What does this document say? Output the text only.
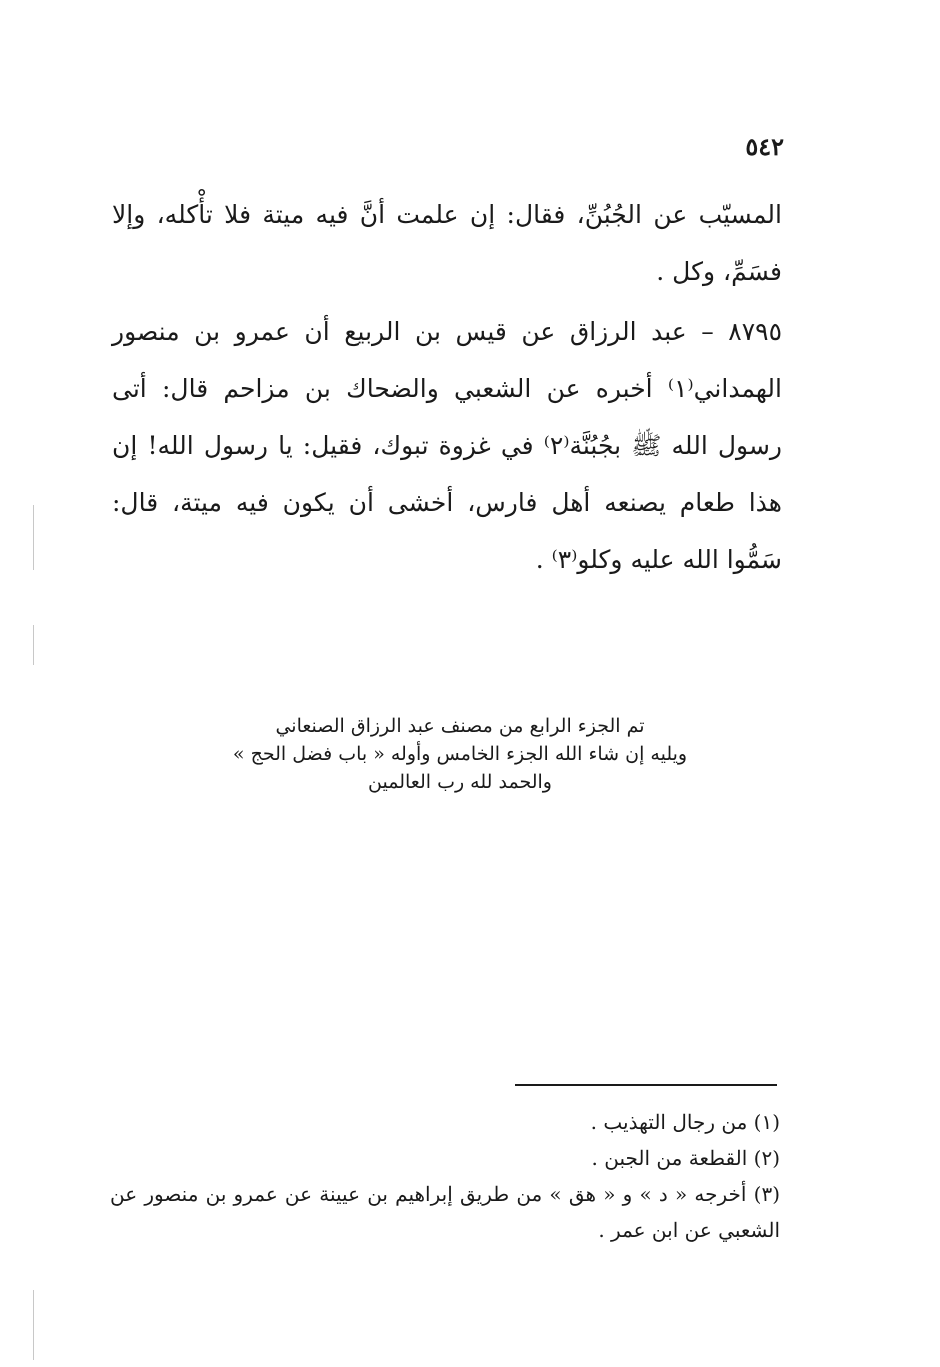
٥٤٢

المسيّب عن الجُبُنِّ، فقال: إن علمت أنَّ فيه ميتة فلا تأْكله، وإلا فسَمِّ، وكل .

٨٧٩٥ – عبد الرزاق عن قيس بن الربيع أن عمرو بن منصور الهمداني⁽١⁾ أخبره عن الشعبي والضحاك بن مزاحم قال: أتى رسول الله ﷺ بجُبُنَّة⁽٢⁾ في غزوة تبوك، فقيل: يا رسول الله! إن هذا طعام يصنعه أهل فارس، أخشى أن يكون فيه ميتة، قال: سَمُّوا الله عليه وكلو⁽٣⁾ .

تم الجزء الرابع من مصنف عبد الرزاق الصنعاني
ويليه إن شاء الله الجزء الخامس وأوله « باب فضل الحج »
والحمد لله رب العالمين

(١) من رجال التهذيب .

(٢) القطعة من الجبن .

(٣) أخرجه « د » و « هق » من طريق إبراهيم بن عيينة عن عمرو بن منصور عن الشعبي عن ابن عمر .
